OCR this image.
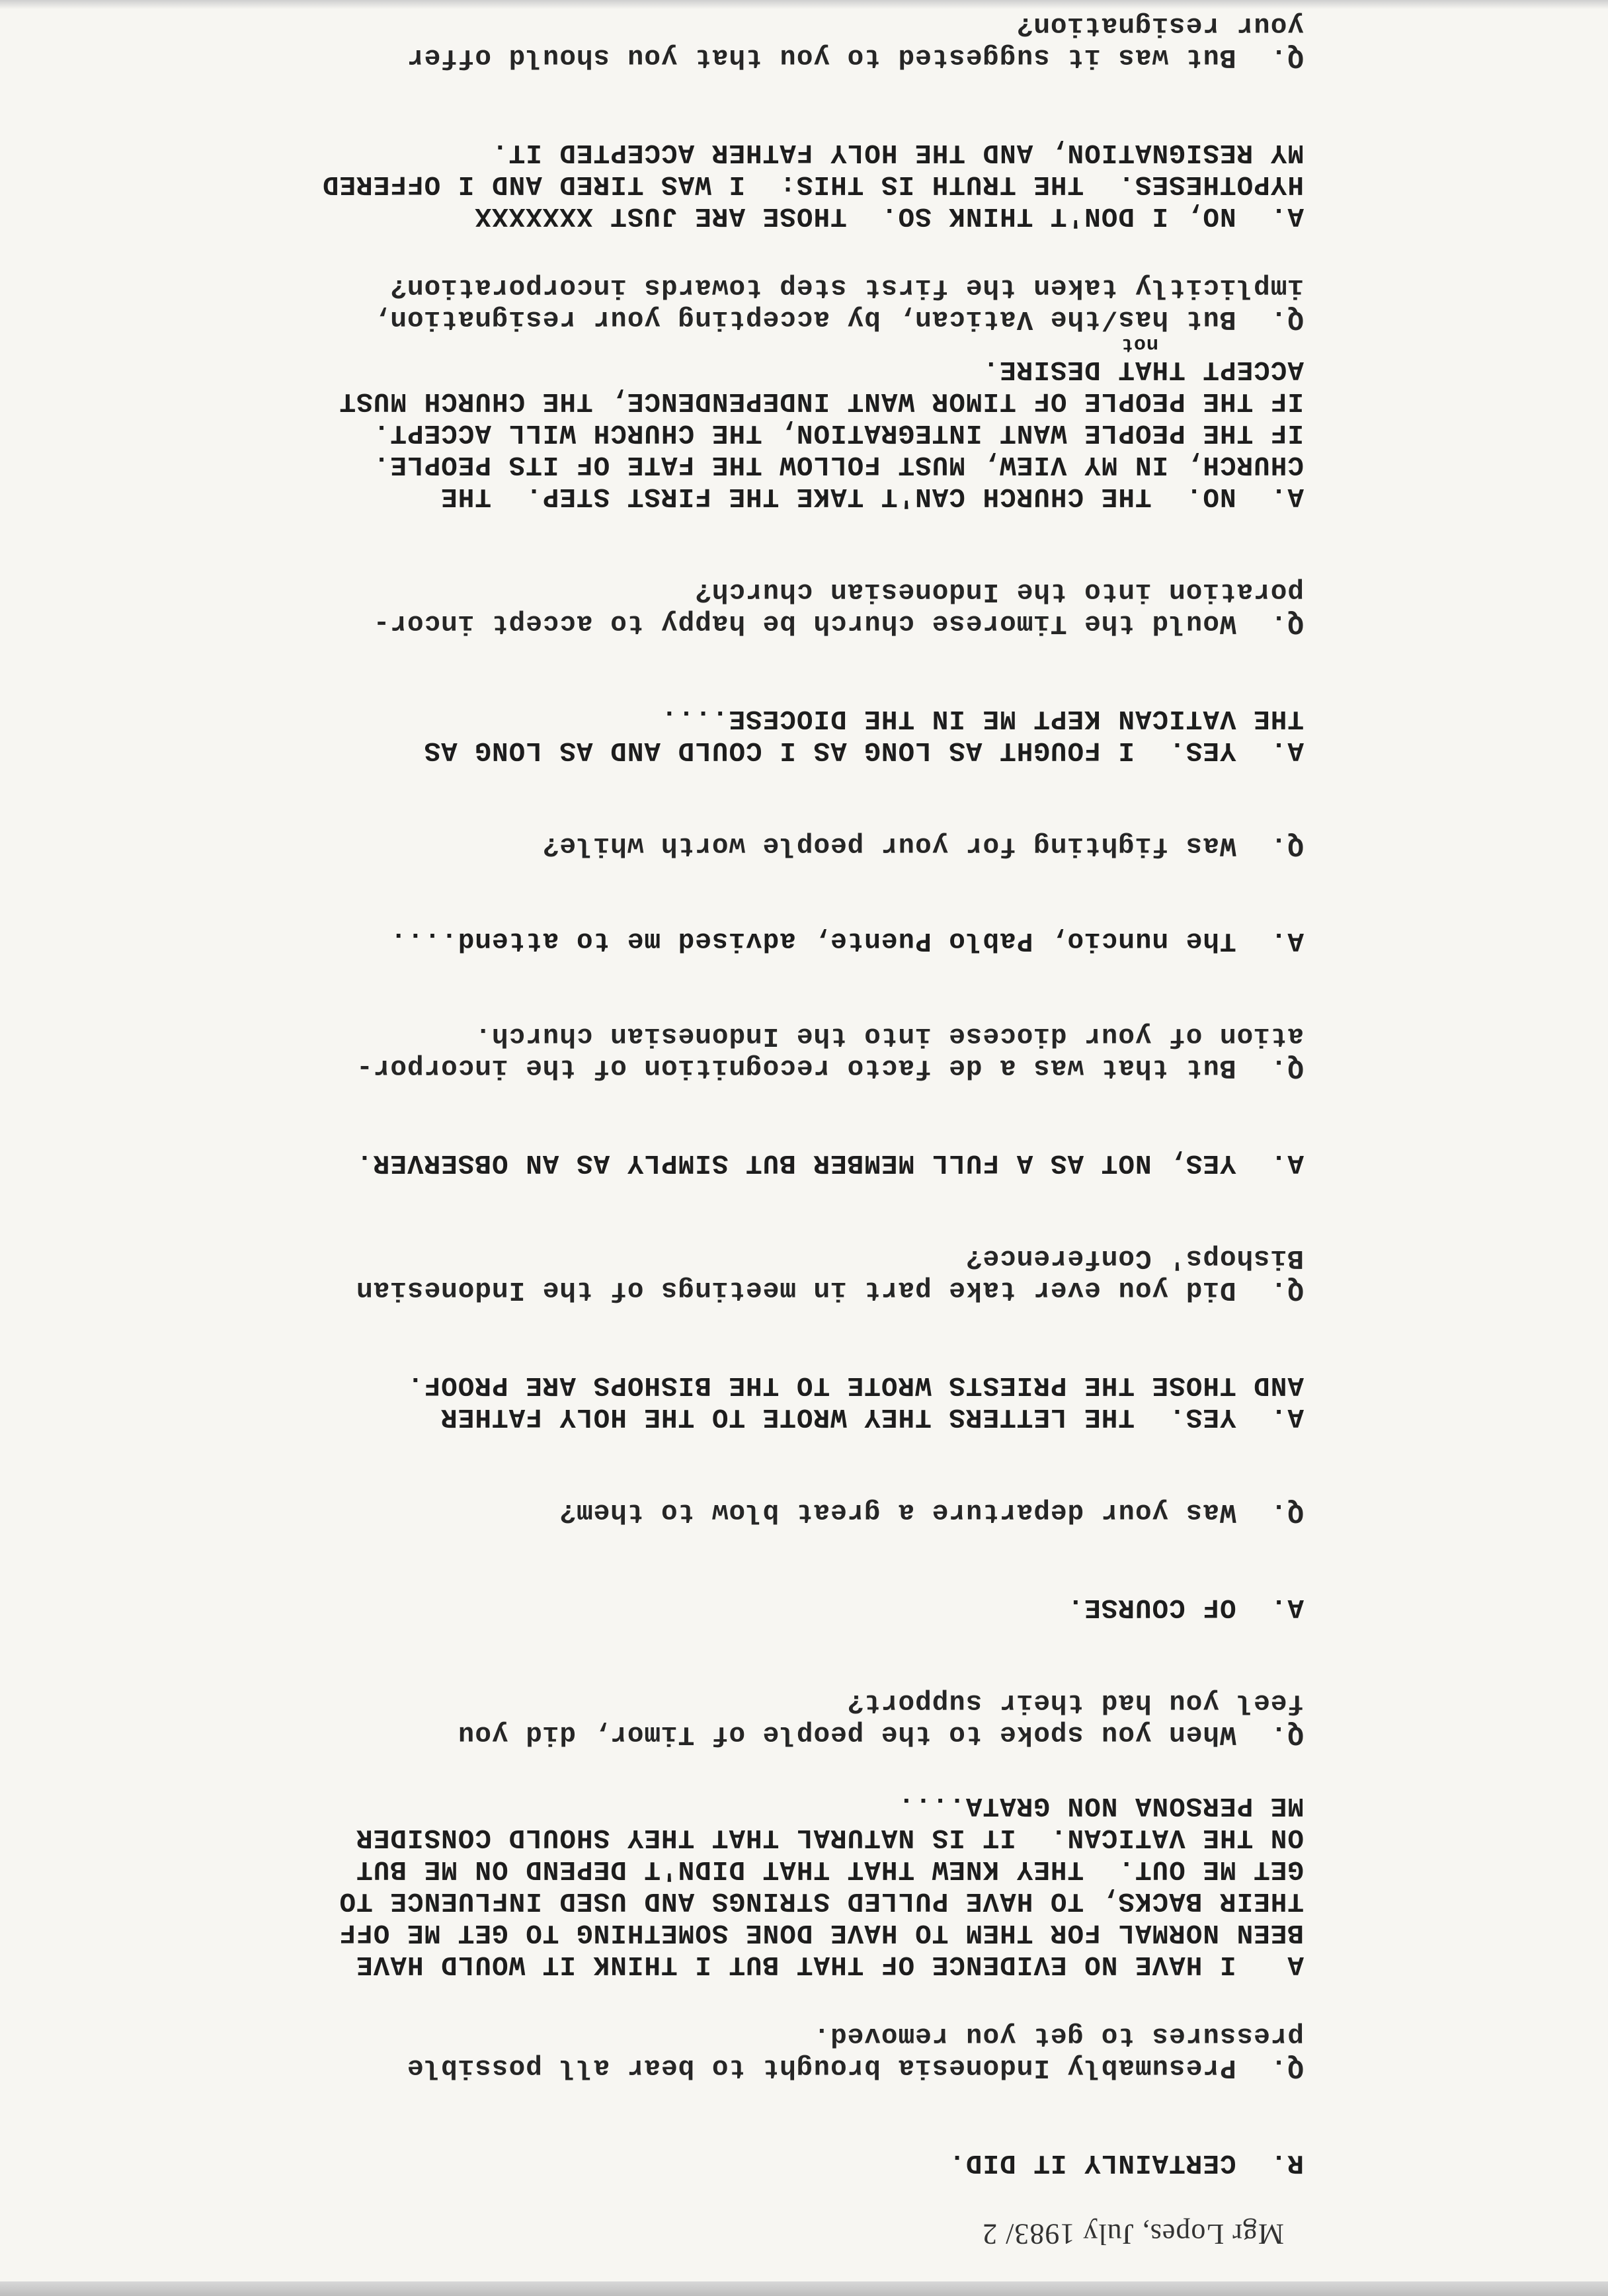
Mgr Lopes, July 1983/ 2
R.  CERTAINLY IT DID.
Q.  Presumably Indonesia brought to bear all possible
pressures to get you removed.
A   I HAVE NO EVIDENCE OF THAT BUT I THINK IT WOULD HAVE
BEEN NORMAL FOR THEM TO HAVE DONE SOMETHING TO GET ME OFF
THEIR BACKS, TO HAVE PULLED STRINGS AND USED INFLUENCE TO
GET ME OUT.  THEY KNEW THAT THAT DIDN'T DEPEND ON ME BUT
ON THE VATICAN.  IT IS NATURAL THAT THEY SHOULD CONSIDER
ME PERSONA NON GRATA....
Q.  When you spoke to the people of Timor, did you
feel you had their support?
A.  OF COURSE.
Q.  Was your departure a great blow to them?
A.  YES.  THE LETTERS THEY WROTE TO THE HOLY FATHER
AND THOSE THE PRIESTS WROTE TO THE BISHOPS ARE PROOF.
Q.  Did you ever take part in meetings of the Indonesian
Bishops' Conference?
A.  YES, NOT AS A FULL MEMBER BUT SIMPLY AS AN OBSERVER.
Q.  But that was a de facto recognition of the incorpor-
ation of your diocese into the Indonesian church.
A.  The nuncio, Pablo Puente, advised me to attend....
Q.  Was fighting for your people worth while?
A.  YES.  I FOUGHT AS LONG AS I COULD AND AS LONG AS
THE VATICAN KEPT ME IN THE DIOCESE....
Q.  Would the Timorese church be happy to accept incor-
poration into the Indonesian church?
A.  NO.  THE CHURCH CAN'T TAKE THE FIRST STEP.  THE
CHURCH, IN MY VIEW, MUST FOLLOW THE FATE OF ITS PEOPLE.
IF THE PEOPLE WANT INTEGRATION, THE CHURCH WILL ACCEPT.
IF THE PEOPLE OF TIMOR WANT INDEPENDENCE, THE CHURCH MUST
ACCEPT THAT DESIRE.
not
Q.  But has/the Vatican, by accepting your resignation,
implicitly taken the first step towards incorporation?
A.  NO, I DON'T THINK SO.  THOSE ARE JUST XXXXXXX
HYPOTHESES.  THE TRUTH IS THIS:  I WAS TIRED AND I OFFERED
MY RESIGNATION, AND THE HOLY FATHER ACCEPTED IT.
Q.  But was it suggested to you that you should offer
your resignation?
